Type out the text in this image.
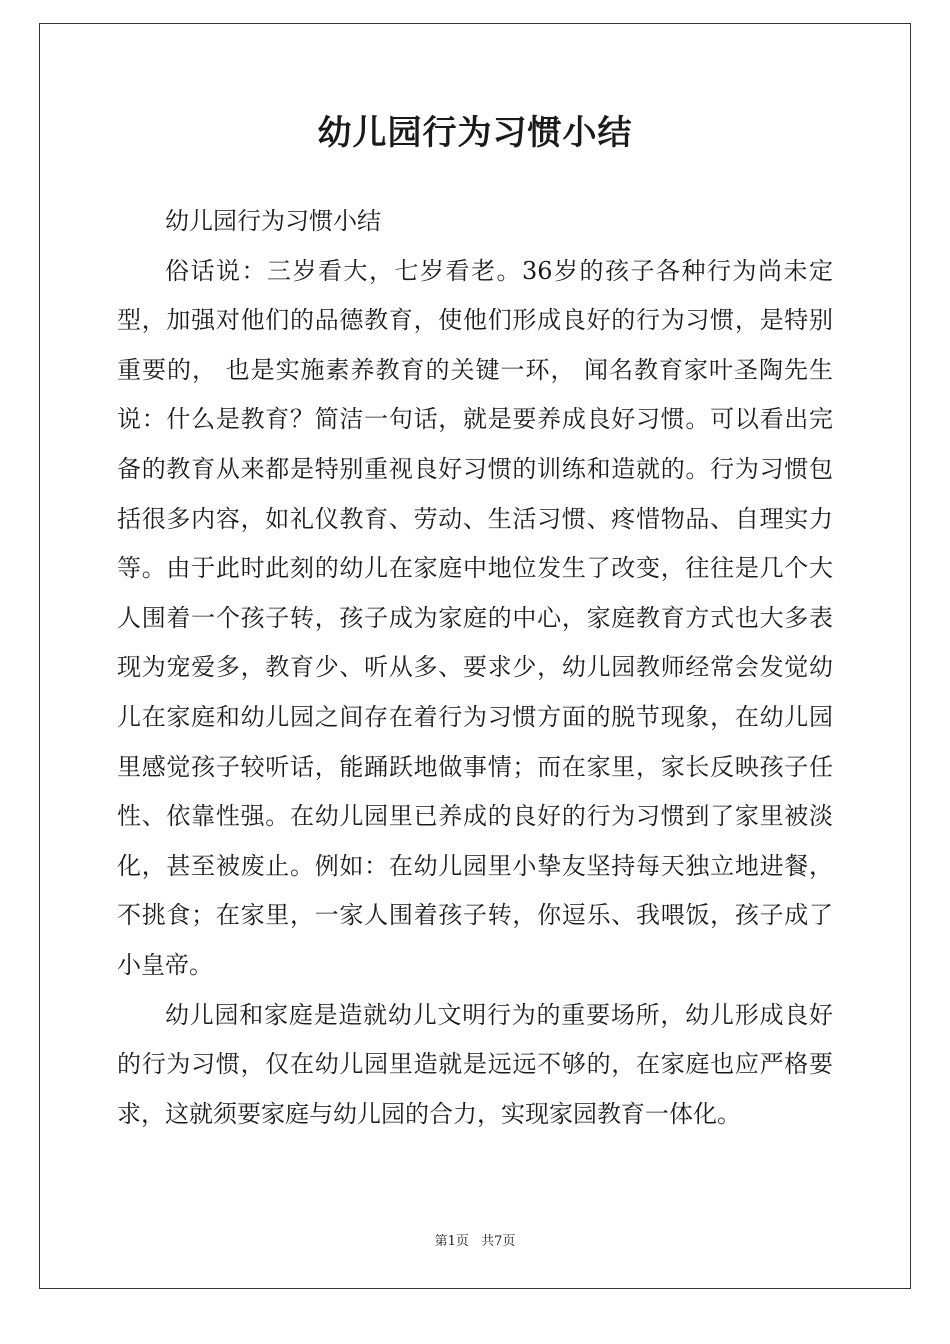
幼儿园行为习惯小结

幼儿园行为习惯小结

俗话说：三岁看大，七岁看老。36岁的孩子各种行为尚未定型，加强对他们的品德教育，使他们形成良好的行为习惯，是特别重要的， 也是实施素养教育的关键一环， 闻名教育家叶圣陶先生说：什么是教育？简洁一句话，就是要养成良好习惯。可以看出完备的教育从来都是特别重视良好习惯的训练和造就的。行为习惯包括很多内容，如礼仪教育、劳动、生活习惯、疼惜物品、自理实力等。由于此时此刻的幼儿在家庭中地位发生了改变，往往是几个大人围着一个孩子转，孩子成为家庭的中心，家庭教育方式也大多表现为宠爱多，教育少、听从多、要求少，幼儿园教师经常会发觉幼儿在家庭和幼儿园之间存在着行为习惯方面的脱节现象，在幼儿园里感觉孩子较听话，能踊跃地做事情；而在家里，家长反映孩子任性、依靠性强。在幼儿园里已养成的良好的行为习惯到了家里被淡化，甚至被废止。例如：在幼儿园里小挚友坚持每天独立地进餐，不挑食；在家里，一家人围着孩子转，你逗乐、我喂饭，孩子成了小皇帝。

幼儿园和家庭是造就幼儿文明行为的重要场所，幼儿形成良好的行为习惯，仅在幼儿园里造就是远远不够的，在家庭也应严格要求，这就须要家庭与幼儿园的合力，实现家园教育一体化。

第1页 共7页
